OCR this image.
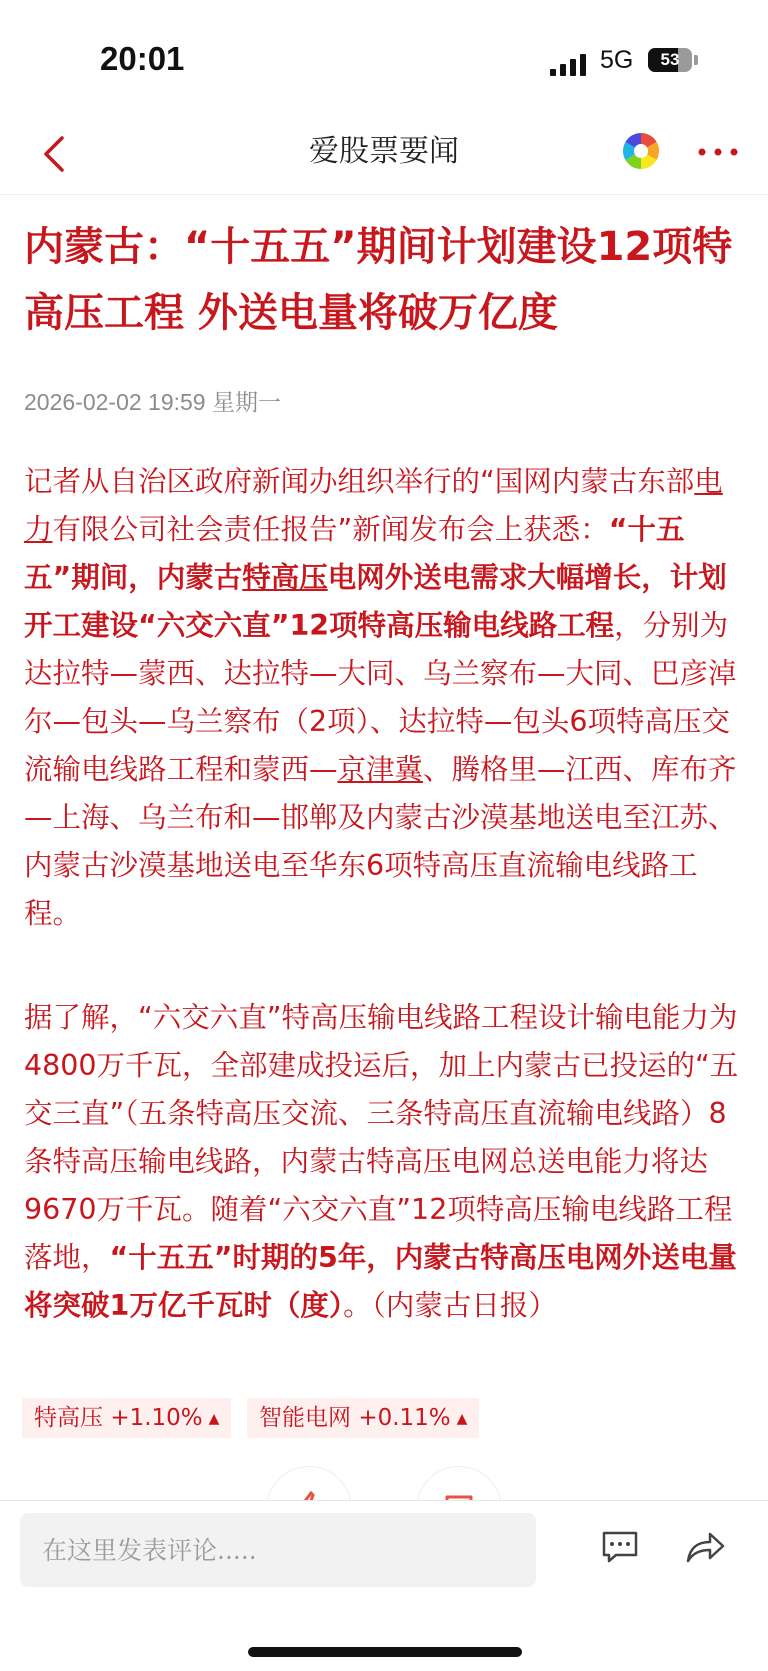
20:01	5G	53
爱股票要闻
内蒙古：“十五五”期间计划建设12项特高压工程 外送电量将破万亿度
2026-02-02 19:59 星期一

记者从自治区政府新闻办组织举行的“国网内蒙古东部电力有限公司社会责任报告”新闻发布会上获悉：“十五五”期间，内蒙古特高压电网外送电需求大幅增长，计划开工建设“六交六直”12项特高压输电线路工程，分别为达拉特—蒙西、达拉特—大同、乌兰察布—大同、巴彦淖尔—包头—乌兰察布（2项）、达拉特—包头6项特高压交流输电线路工程和蒙西—京津冀、腾格里—江西、库布齐—上海、乌兰布和—邯郸及内蒙古沙漠基地送电至江苏、内蒙古沙漠基地送电至华东6项特高压直流输电线路工程。

据了解，“六交六直”特高压输电线路工程设计输电能力为4800万千瓦，全部建成投运后，加上内蒙古已投运的“五交三直”（五条特高压交流、三条特高压直流输电线路）8条特高压输电线路，内蒙古特高压电网总送电能力将达9670万千瓦。随着“六交六直”12项特高压输电线路工程落地，“十五五”时期的5年，内蒙古特高压电网外送电量将突破1万亿千瓦时（度）。（内蒙古日报）

特高压 +1.10% ▲	智能电网 +0.11% ▲
在这里发表评论.....
